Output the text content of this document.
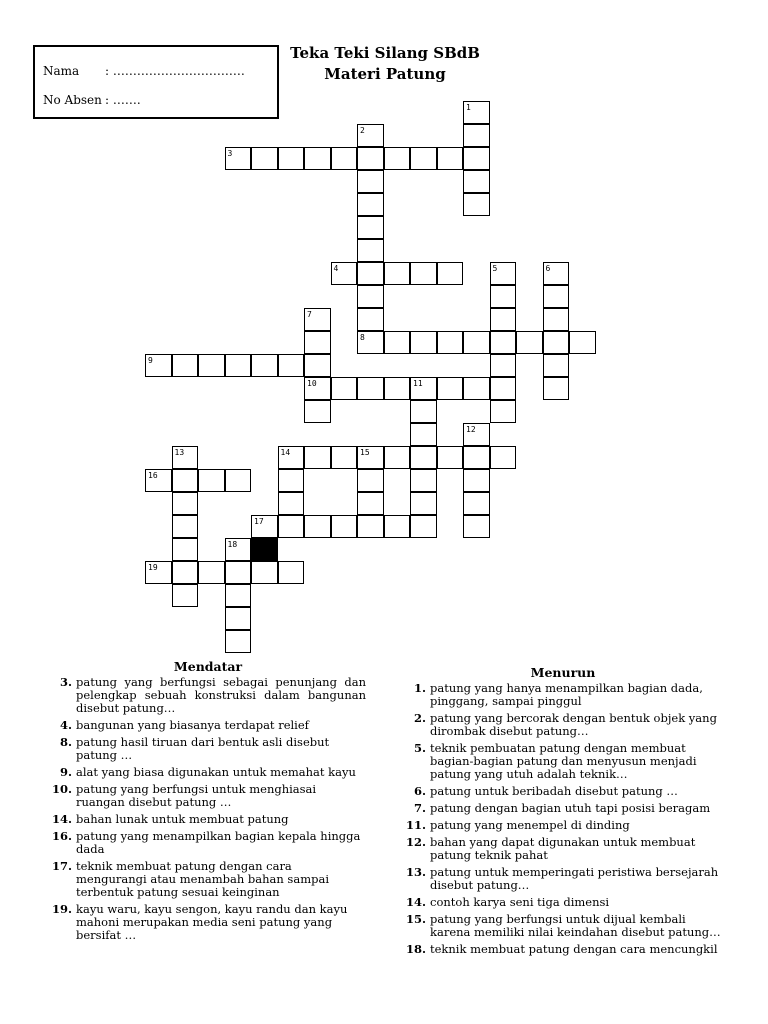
Nama : ……………………………
No Absen : …….
Teka Teki Silang SBdB
Materi Patung
1
2
3
4	5	6
7
8
9
10	11
12
13	14	15
16
17
18
19
Mendatar
3. patung yang berfungsi sebagai penunjang dan pelengkap sebuah konstruksi dalam bangunan disebut patung…
4. bangunan yang biasanya terdapat relief
8. patung hasil tiruan dari bentuk asli disebut patung …
9. alat yang biasa digunakan untuk memahat kayu
10. patung yang berfungsi untuk menghiasai ruangan disebut patung …
14. bahan lunak untuk membuat patung
16. patung yang menampilkan bagian kepala hingga dada
17. teknik membuat patung dengan cara mengurangi atau menambah bahan sampai terbentuk patung sesuai keinginan
19. kayu waru, kayu sengon, kayu randu dan kayu mahoni merupakan media seni patung yang bersifat …
Menurun
1. patung yang hanya menampilkan bagian dada, pinggang, sampai pinggul
2. patung yang bercorak dengan bentuk objek yang dirombak disebut patung…
5. teknik pembuatan patung dengan membuat bagian-bagian patung dan menyusun menjadi patung yang utuh adalah teknik…
6. patung untuk beribadah disebut patung …
7. patung dengan bagian utuh tapi posisi beragam
11. patung yang menempel di dinding
12. bahan yang dapat digunakan untuk membuat patung teknik pahat
13. patung untuk memperingati peristiwa bersejarah disebut patung…
14. contoh karya seni tiga dimensi
15. patung yang berfungsi untuk dijual kembali karena memiliki nilai keindahan disebut patung…
18. teknik membuat patung dengan cara mencungkil
